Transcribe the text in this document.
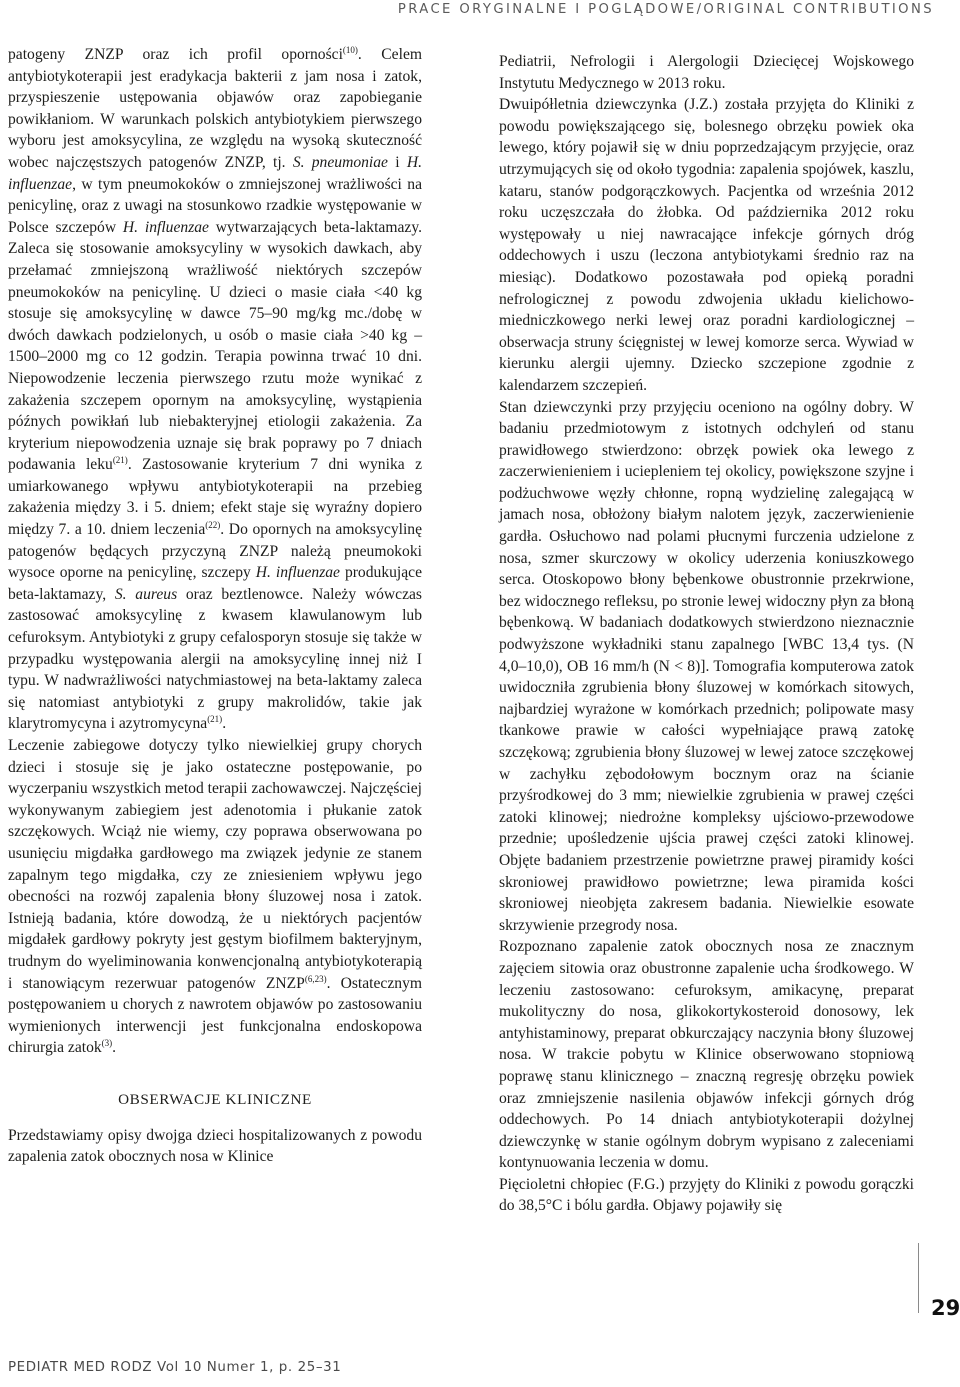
PRACE ORYGINALNE I POGLĄDOWE/ORIGINAL CONTRIBUTIONS

patogeny ZNZP oraz ich profil oporności$^{(10)}$. Celem antybiotykoterapii jest eradykacja bakterii z jam nosa i zatok, przyspieszenie ustępowania objawów oraz zapobieganie powikłaniom. W warunkach polskich antybiotykiem pierwszego wyboru jest amoksycylina, ze względu na wysoką skuteczność wobec najczęstszych patogenów ZNZP, tj. S. pneumoniae i H. influenzae, w tym pneumokoków o zmniejszonej wrażliwości na penicylinę, oraz z uwagi na stosunkowo rzadkie występowanie w Polsce szczepów H. influenzae wytwarzających beta-laktamazy. Zaleca się stosowanie amoksycyliny w wysokich dawkach, aby przełamać zmniejszoną wrażliwość niektórych szczepów pneumokoków na penicylinę. U dzieci o masie ciała <40 kg stosuje się amoksycylinę w dawce 75–90 mg/kg mc./dobę w dwóch dawkach podzielonych, u osób o masie ciała >40 kg – 1500–2000 mg co 12 godzin. Terapia powinna trwać 10 dni. Niepowodzenie leczenia pierwszego rzutu może wynikać z zakażenia szczepem opornym na amoksycylinę, wystąpienia późnych powikłań lub niebakteryjnej etiologii zakażenia. Za kryterium niepowodzenia uznaje się brak poprawy po 7 dniach podawania leku$^{(21)}$. Zastosowanie kryterium 7 dni wynika z umiarkowanego wpływu antybiotykoterapii na przebieg zakażenia między 3. i 5. dniem; efekt staje się wyraźny dopiero między 7. a 10. dniem leczenia$^{(22)}$. Do opornych na amoksycylinę patogenów będących przyczyną ZNZP należą pneumokoki wysoce oporne na penicylinę, szczepy H. influenzae produkujące beta-laktamazy, S. aureus oraz beztlenowce. Należy wówczas zastosować amoksycylinę z kwasem klawulanowym lub cefuroksym. Antybiotyki z grupy cefalosporyn stosuje się także w przypadku występowania alergii na amoksycylinę innej niż I typu. W nadwrażliwości natychmiastowej na beta-laktamy zaleca się natomiast antybiotyki z grupy makrolidów, takie jak klarytromycyna i azytromycyna$^{(21)}$.

Leczenie zabiegowe dotyczy tylko niewielkiej grupy chorych dzieci i stosuje się je jako ostateczne postępowanie, po wyczerpaniu wszystkich metod terapii zachowawczej. Najczęściej wykonywanym zabiegiem jest adenotomia i płukanie zatok szczękowych. Wciąż nie wiemy, czy poprawa obserwowana po usunięciu migdałka gardłowego ma związek jedynie ze stanem zapalnym tego migdałka, czy ze zniesieniem wpływu jego obecności na rozwój zapalenia błony śluzowej nosa i zatok. Istnieją badania, które dowodzą, że u niektórych pacjentów migdałek gardłowy pokryty jest gęstym biofilmem bakteryjnym, trudnym do wyeliminowania konwencjonalną antybiotykoterapią i stanowiącym rezerwuar patogenów ZNZP$^{(6,23)}$. Ostatecznym postępowaniem u chorych z nawrotem objawów po zastosowaniu wymienionych interwencji jest funkcjonalna endoskopowa chirurgia zatok$^{(3)}$.

OBSERWACJE KLINICZNE

Przedstawiamy opisy dwojga dzieci hospitalizowanych z powodu zapalenia zatok obocznych nosa w Klinice

Pediatrii, Nefrologii i Alergologii Dziecięcej Wojskowego Instytutu Medycznego w 2013 roku.

Dwuipółletnia dziewczynka (J.Z.) została przyjęta do Kliniki z powodu powiększającego się, bolesnego obrzęku powiek oka lewego, który pojawił się w dniu poprzedzającym przyjęcie, oraz utrzymujących się od około tygodnia: zapalenia spojówek, kaszlu, kataru, stanów podgorączkowych. Pacjentka od września 2012 roku uczęszczała do żłobka. Od października 2012 roku występowały u niej nawracające infekcje górnych dróg oddechowych i uszu (leczona antybiotykami średnio raz na miesiąc). Dodatkowo pozostawała pod opieką poradni nefrologicznej z powodu zdwojenia układu kielichowo-miedniczkowego nerki lewej oraz poradni kardiologicznej – obserwacja struny ścięgnistej w lewej komorze serca. Wywiad w kierunku alergii ujemny. Dziecko szczepione zgodnie z kalendarzem szczepień.

Stan dziewczynki przy przyjęciu oceniono na ogólny dobry. W badaniu przedmiotowym z istotnych odchyleń od stanu prawidłowego stwierdzono: obrzęk powiek oka lewego z zaczerwienieniem i uciepleniem tej okolicy, powiększone szyjne i podżuchwowe węzły chłonne, ropną wydzielinę zalegającą w jamach nosa, obłożony białym nalotem język, zaczerwienienie gardła. Osłuchowo nad polami płucnymi furczenia udzielone z nosa, szmer skurczowy w okolicy uderzenia koniuszkowego serca. Otoskopowo błony bębenkowe obustronnie przekrwione, bez widocznego refleksu, po stronie lewej widoczny płyn za błoną bębenkową. W badaniach dodatkowych stwierdzono nieznacznie podwyższone wykładniki stanu zapalnego [WBC 13,4 tys. (N 4,0–10,0), OB 16 mm/h (N < 8)]. Tomografia komputerowa zatok uwidoczniła zgrubienia błony śluzowej w komórkach sitowych, najbardziej wyrażone w komórkach przednich; polipowate masy tkankowe prawie w całości wypełniające prawą zatokę szczękową; zgrubienia błony śluzowej w lewej zatoce szczękowej w zachyłku zębodołowym bocznym oraz na ścianie przyśrodkowej do 3 mm; niewielkie zgrubienia w prawej części zatoki klinowej; niedrożne kompleksy ujściowo-przewodowe przednie; upośledzenie ujścia prawej części zatoki klinowej. Objęte badaniem przestrzenie powietrzne prawej piramidy kości skroniowej prawidłowo powietrzne; lewa piramida kości skroniowej nieobjęta zakresem badania. Niewielkie esowate skrzywienie przegrody nosa.

Rozpoznano zapalenie zatok obocznych nosa ze znacznym zajęciem sitowia oraz obustronne zapalenie ucha środkowego. W leczeniu zastosowano: cefuroksym, amikacynę, preparat mukolityczny do nosa, glikokortykosteroid donosowy, lek antyhistaminowy, preparat obkurczający naczynia błony śluzowej nosa. W trakcie pobytu w Klinice obserwowano stopniową poprawę stanu klinicznego – znaczną regresję obrzęku powiek oraz zmniejszenie nasilenia objawów infekcji górnych dróg oddechowych. Po 14 dniach antybiotykoterapii dożylnej dziewczynkę w stanie ogólnym dobrym wypisano z zaleceniami kontynuowania leczenia w domu.

Pięcioletni chłopiec (F.G.) przyjęty do Kliniki z powodu gorączki do 38,5°C i bólu gardła. Objawy pojawiły się

29
PEDIATR MED RODZ Vol 10 Numer 1, p. 25–31
